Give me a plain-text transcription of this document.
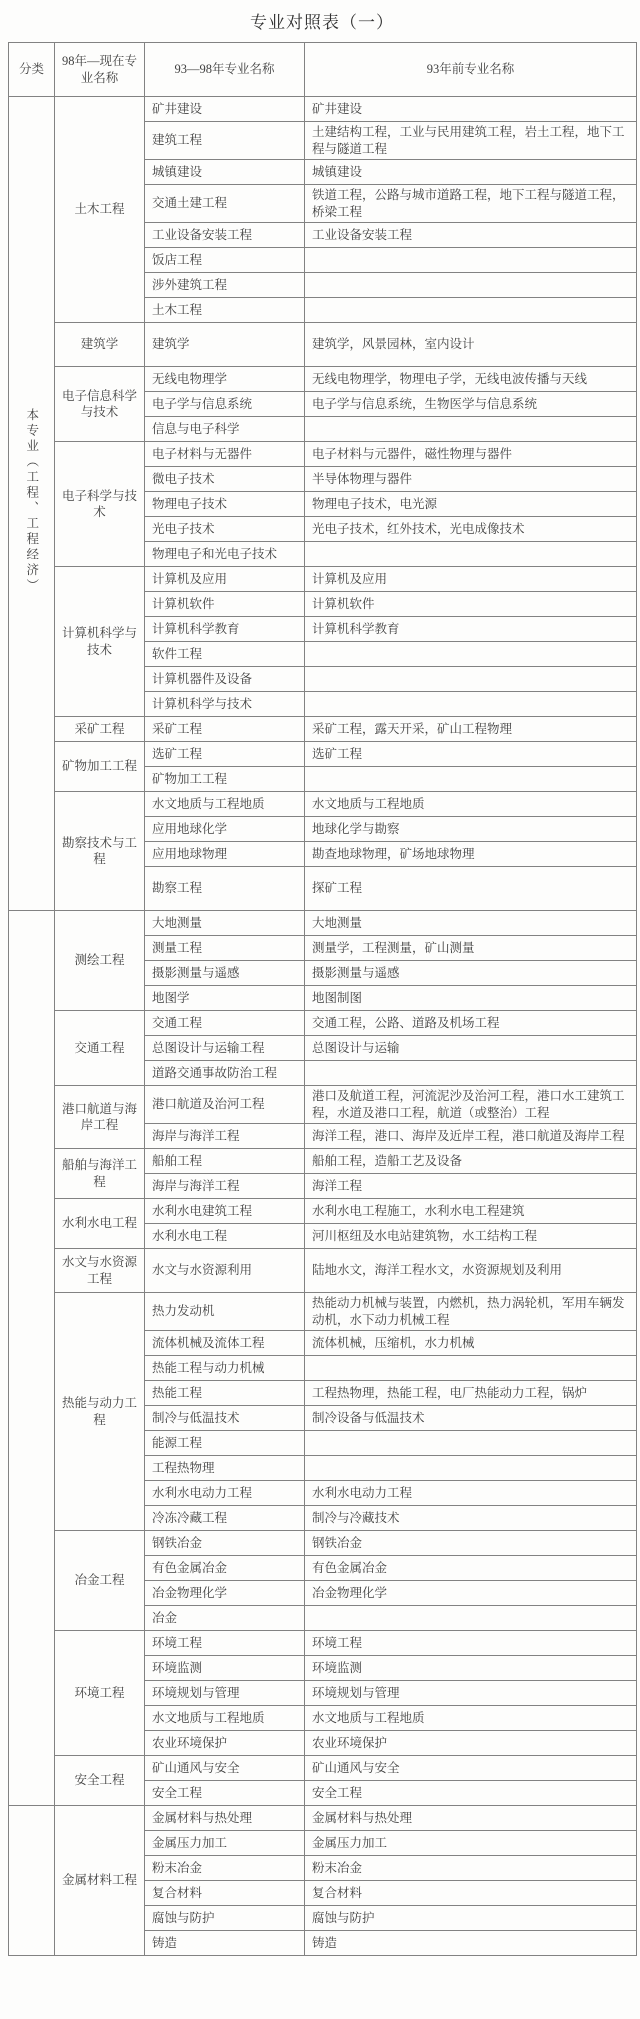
专业对照表（一）
分类	98年—现在专业名称	93—98年专业名称	93年前专业名称
本专业（工程、工程经济）	土木工程	矿井建设	矿井建设
		建筑工程	土建结构工程，工业与民用建筑工程，岩土工程，地下工程与隧道工程
		城镇建设	城镇建设
		交通土建工程	铁道工程，公路与城市道路工程，地下工程与隧道工程，桥梁工程
		工业设备安装工程	工业设备安装工程
		饭店工程	
		涉外建筑工程	
		土木工程	
	建筑学	建筑学	建筑学，风景园林，室内设计
	电子信息科学与技术	无线电物理学	无线电物理学，物理电子学，无线电波传播与天线
		电子学与信息系统	电子学与信息系统，生物医学与信息系统
		信息与电子科学	
	电子科学与技术	电子材料与无器件	电子材料与元器件，磁性物理与器件
		微电子技术	半导体物理与器件
		物理电子技术	物理电子技术，电光源
		光电子技术	光电子技术，红外技术，光电成像技术
		物理电子和光电子技术	
	计算机科学与技术	计算机及应用	计算机及应用
		计算机软件	计算机软件
		计算机科学教育	计算机科学教育
		软件工程	
		计算机器件及设备	
		计算机科学与技术	
	采矿工程	采矿工程	采矿工程，露天开采，矿山工程物理
	矿物加工工程	选矿工程	选矿工程
		矿物加工工程	
	勘察技术与工程	水文地质与工程地质	水文地质与工程地质
		应用地球化学	地球化学与勘察
		应用地球物理	勘查地球物理，矿场地球物理
		勘察工程	探矿工程
	测绘工程	大地测量	大地测量
		测量工程	测量学，工程测量，矿山测量
		摄影测量与遥感	摄影测量与遥感
		地图学	地图制图
	交通工程	交通工程	交通工程，公路、道路及机场工程
		总图设计与运输工程	总图设计与运输
		道路交通事故防治工程	
	港口航道与海岸工程	港口航道及治河工程	港口及航道工程，河流泥沙及治河工程，港口水工建筑工程，水道及港口工程，航道（或整治）工程
		海岸与海洋工程	海洋工程，港口、海岸及近岸工程，港口航道及海岸工程
	船舶与海洋工程	船舶工程	船舶工程，造船工艺及设备
		海岸与海洋工程	海洋工程
	水利水电工程	水利水电建筑工程	水利水电工程施工，水利水电工程建筑
		水利水电工程	河川枢纽及水电站建筑物，水工结构工程
	水文与水资源工程	水文与水资源利用	陆地水文，海洋工程水文，水资源规划及利用
	热能与动力工程	热力发动机	热能动力机械与装置，内燃机，热力涡轮机，军用车辆发动机，水下动力机械工程
		流体机械及流体工程	流体机械，压缩机，水力机械
		热能工程与动力机械	
		热能工程	工程热物理，热能工程，电厂热能动力工程，锅炉
		制冷与低温技术	制冷设备与低温技术
		能源工程	
		工程热物理	
		水利水电动力工程	水利水电动力工程
		冷冻冷藏工程	制冷与冷藏技术
	冶金工程	钢铁冶金	钢铁冶金
		有色金属冶金	有色金属冶金
		冶金物理化学	冶金物理化学
		冶金	
	环境工程	环境工程	环境工程
		环境监测	环境监测
		环境规划与管理	环境规划与管理
		水文地质与工程地质	水文地质与工程地质
		农业环境保护	农业环境保护
	安全工程	矿山通风与安全	矿山通风与安全
		安全工程	安全工程
	金属材料工程	金属材料与热处理	金属材料与热处理
		金属压力加工	金属压力加工
		粉末冶金	粉末冶金
		复合材料	复合材料
		腐蚀与防护	腐蚀与防护
		铸造	铸造
